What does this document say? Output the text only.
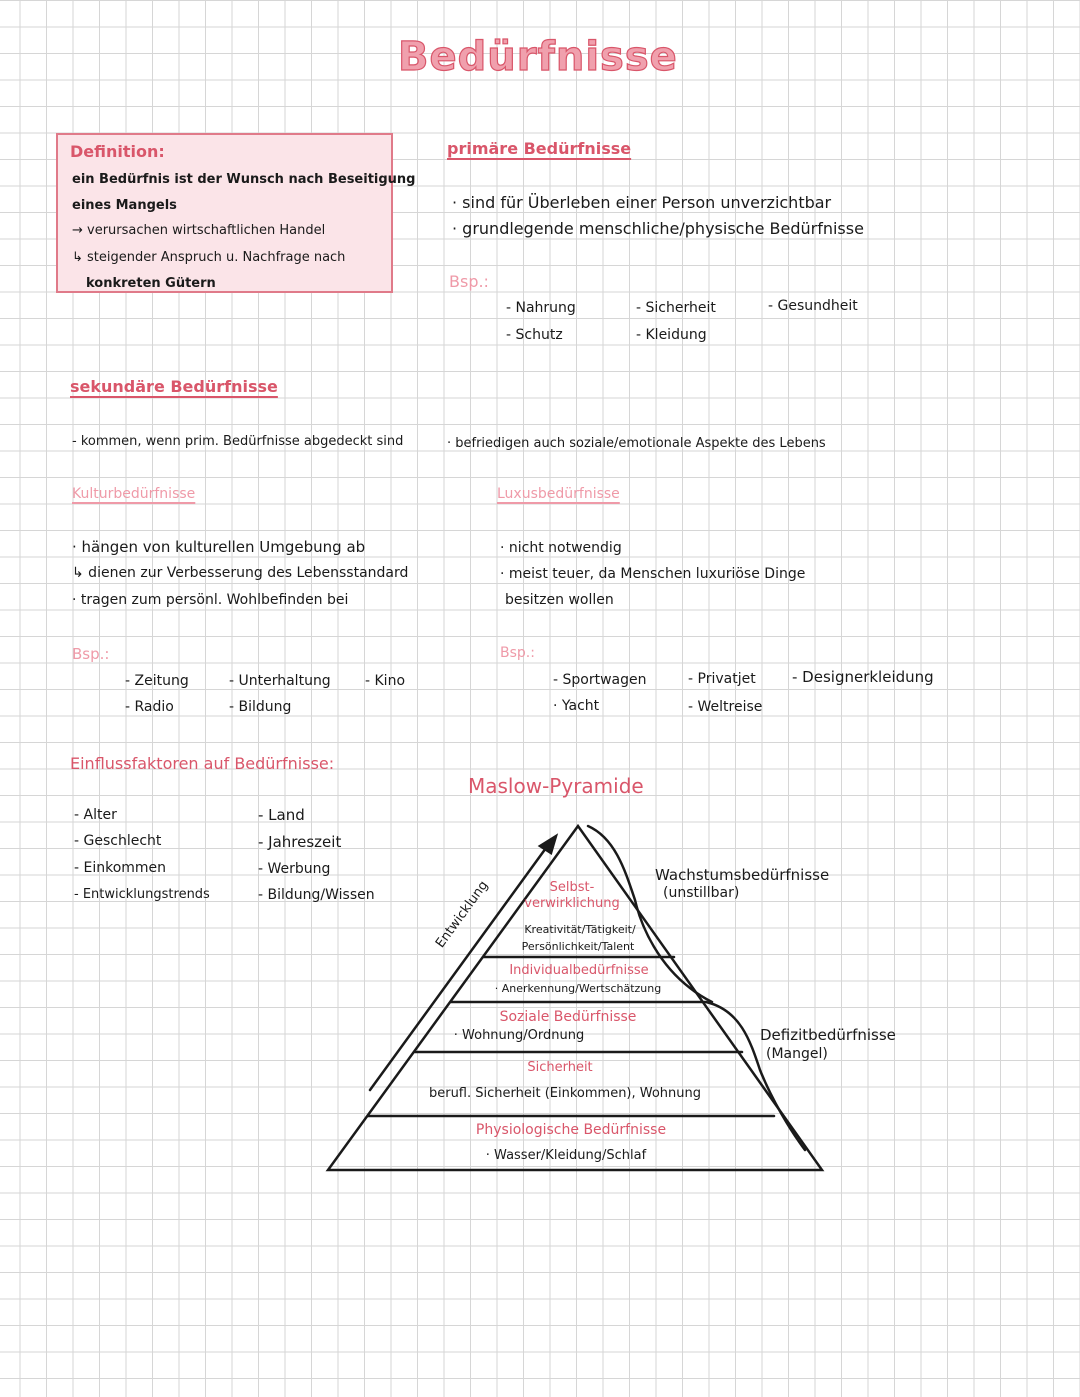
Bedürfnisse
Definition:
ein Bedürfnis ist der Wunsch nach Beseitigung
eines Mangels
→ verursachen wirtschaftlichen Handel
↳ steigender Anspruch u. Nachfrage nach
konkreten Gütern
primäre Bedürfnisse
· sind für Überleben einer Person unverzichtbar
· grundlegende menschliche/physische Bedürfnisse
Bsp.:
- Nahrung	- Sicherheit	- Gesundheit
- Schutz	- Kleidung
sekundäre Bedürfnisse
- kommen, wenn prim. Bedürfnisse abgedeckt sind	· befriedigen auch soziale/emotionale Aspekte des Lebens
Kulturbedürfnisse
· hängen von kulturellen Umgebung ab
↳ dienen zur Verbesserung des Lebensstandard
· tragen zum persönl. Wohlbefinden bei
Bsp.:
- Zeitung	- Unterhaltung - Kino
- Radio	- Bildung
Luxusbedürfnisse
· nicht notwendig
· meist teuer, da Menschen luxuriöse Dinge
besitzen wollen
Bsp.:
- Sportwagen	- Privatjet - Designerkleidung
· Yacht	- Weltreise
Einflussfaktoren auf Bedürfnisse:
- Alter
- Geschlecht
- Einkommen
- Entwicklungstrends
- Land
- Jahreszeit
- Werbung
- Bildung/Wissen
Maslow-Pyramide
Entwicklung
Wachstumsbedürfnisse
(unstillbar)
Defizitbedürfnisse
(Mangel)
Selbst-
verwirklichung
Kreativität/Tätigkeit/
Persönlichkeit/Talent
Individualbedürfnisse
· Anerkennung/Wertschätzung
Soziale Bedürfnisse
· Wohnung/Ordnung
Sicherheit
berufl. Sicherheit (Einkommen), Wohnung
Physiologische Bedürfnisse
· Wasser/Kleidung/Schlaf
